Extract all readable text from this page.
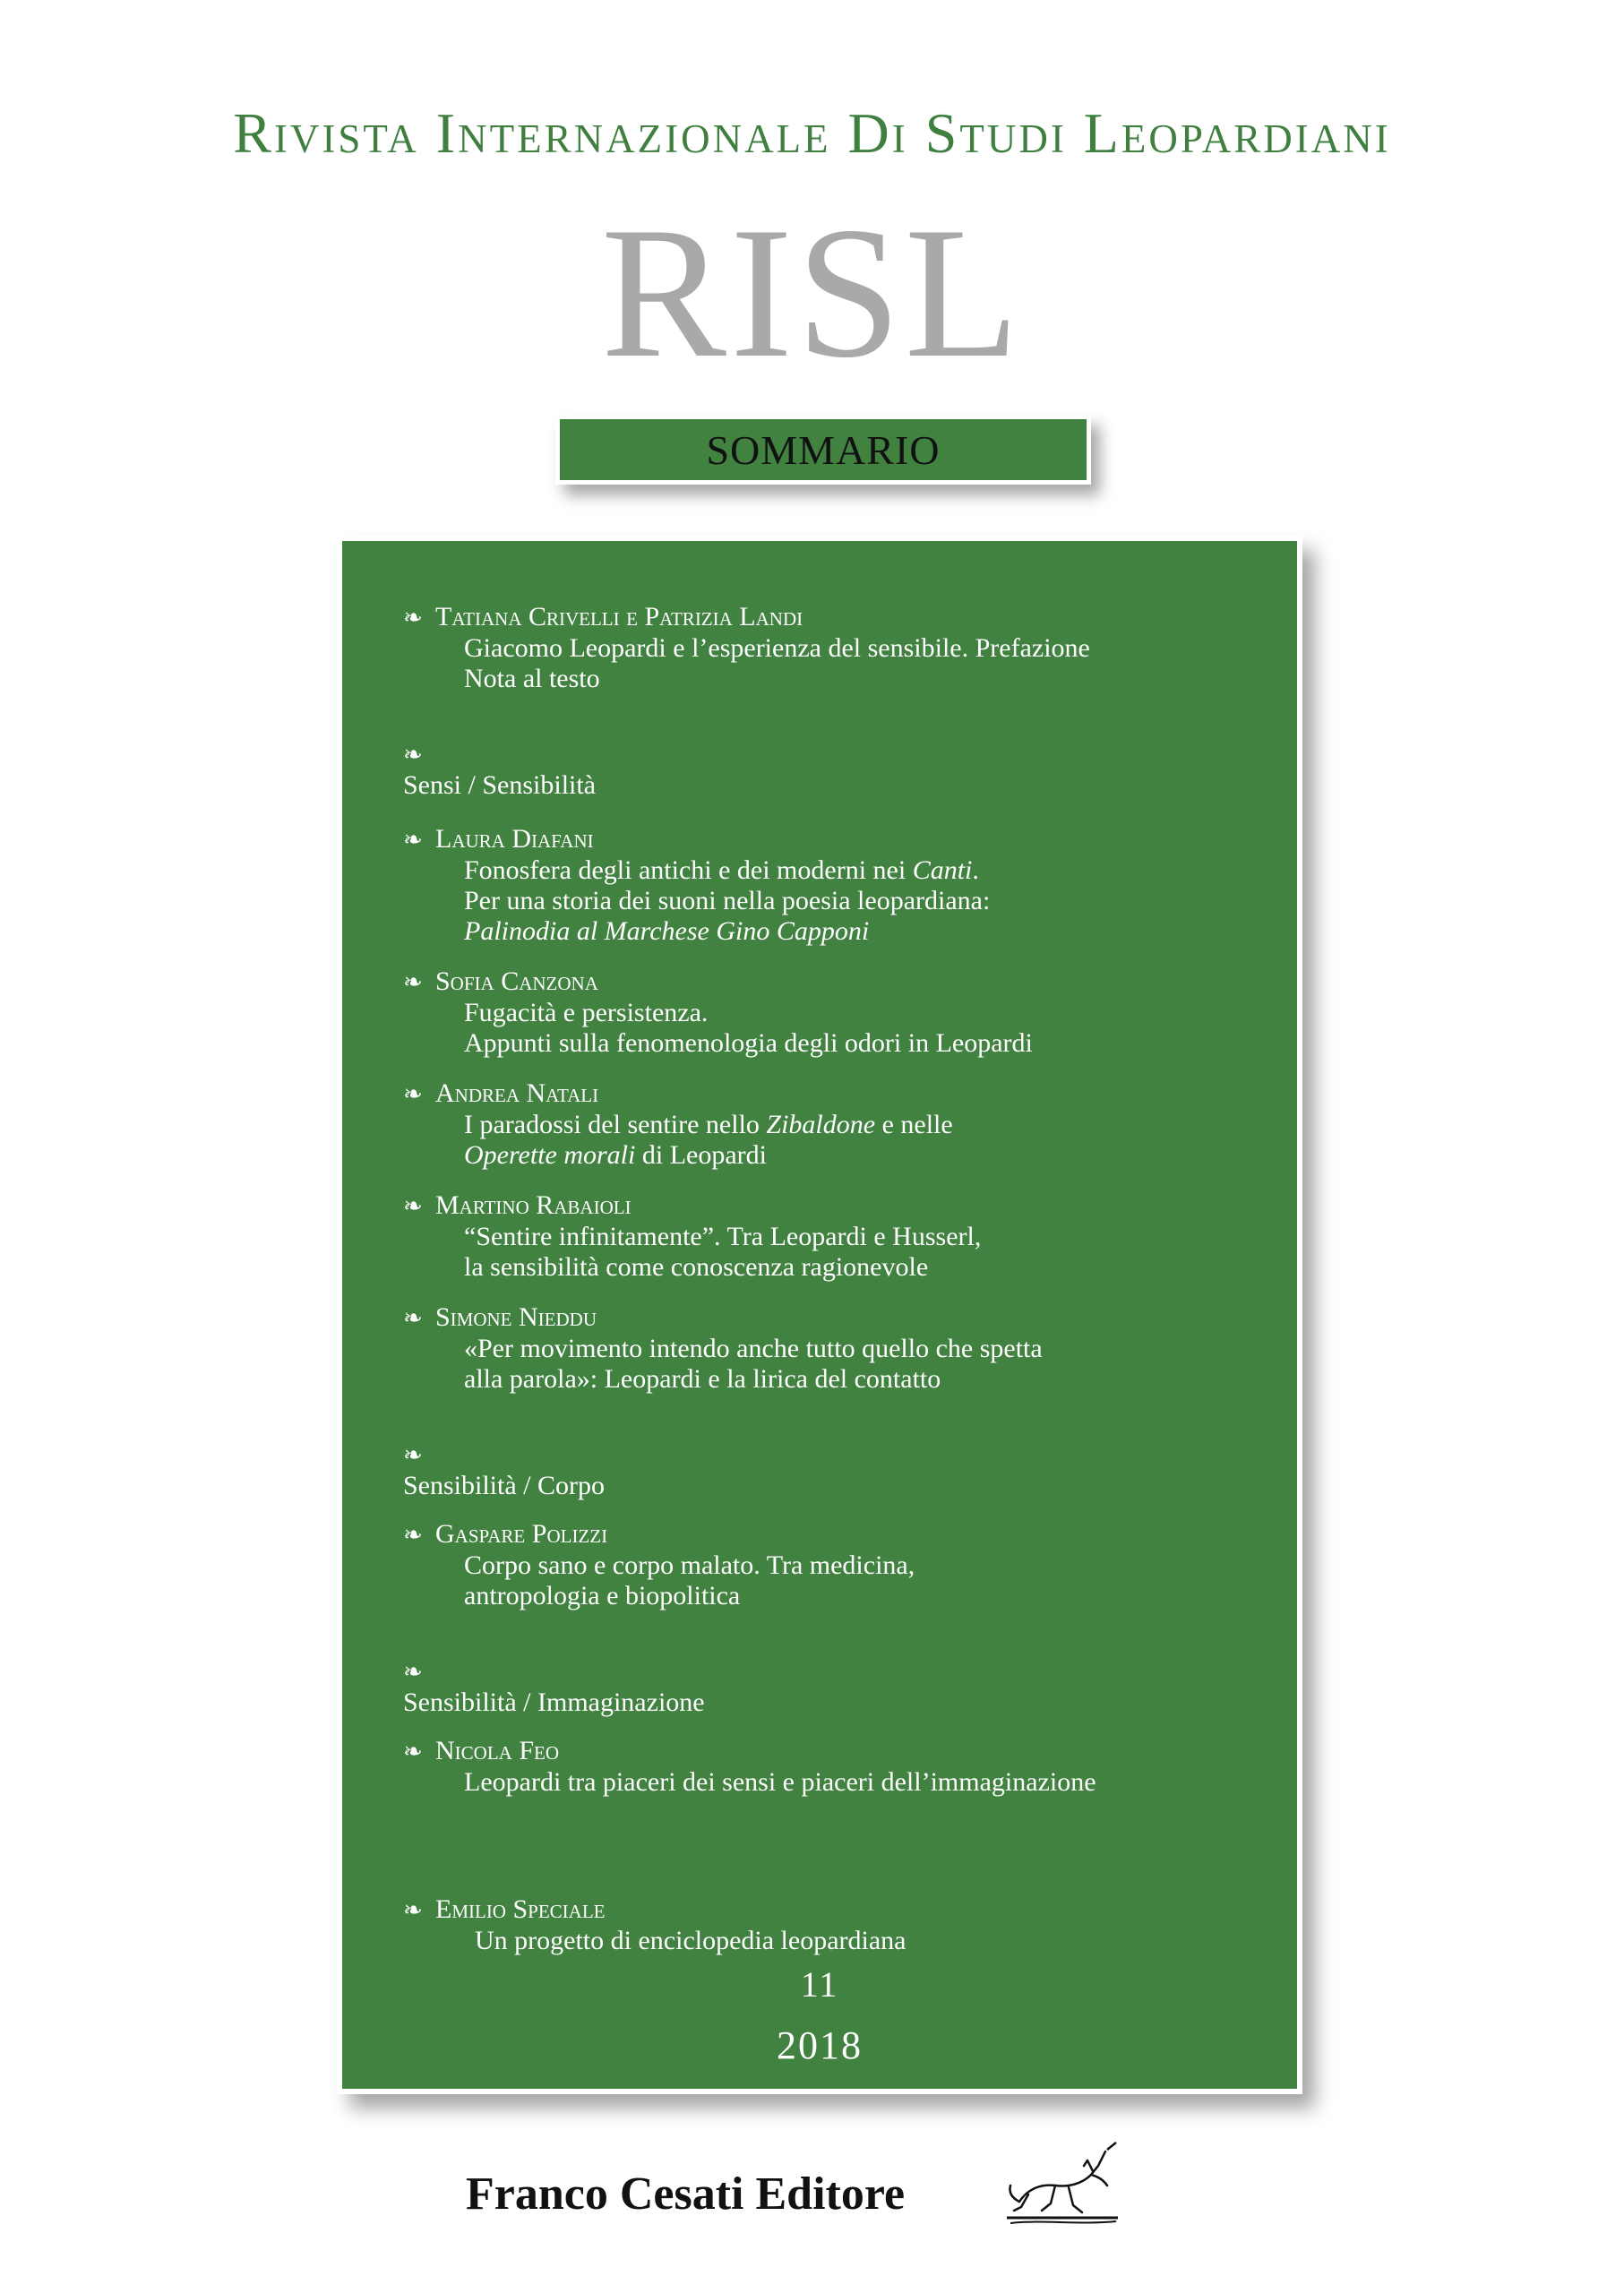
Rivista Internazionale Di Studi Leopardiani
RISL
SOMMARIO
❧ Tatiana Crivelli e Patrizia Landi
Giacomo Leopardi e l’esperienza del sensibile. Prefazione
Nota al testo
❧
Sensi / Sensibilità
❧ Laura Diafani
Fonosfera degli antichi e dei moderni nei Canti.
Per una storia dei suoni nella poesia leopardiana:
Palinodia al Marchese Gino Capponi
❧ Sofia Canzona
Fugacità e persistenza.
Appunti sulla fenomenologia degli odori in Leopardi
❧ Andrea Natali
I paradossi del sentire nello Zibaldone e nelle
Operette morali di Leopardi
❧ Martino Rabaioli
“Sentire infinitamente”. Tra Leopardi e Husserl,
la sensibilità come conoscenza ragionevole
❧ Simone Nieddu
«Per movimento intendo anche tutto quello che spetta
alla parola»: Leopardi e la lirica del contatto
❧
Sensibilità / Corpo
❧ Gaspare Polizzi
Corpo sano e corpo malato. Tra medicina,
antropologia e biopolitica
❧
Sensibilità / Immaginazione
❧ Nicola Feo
Leopardi tra piaceri dei sensi e piaceri dell’immaginazione
❧ Emilio Speciale
Un progetto di enciclopedia leopardiana
11
2018
Franco Cesati Editore
